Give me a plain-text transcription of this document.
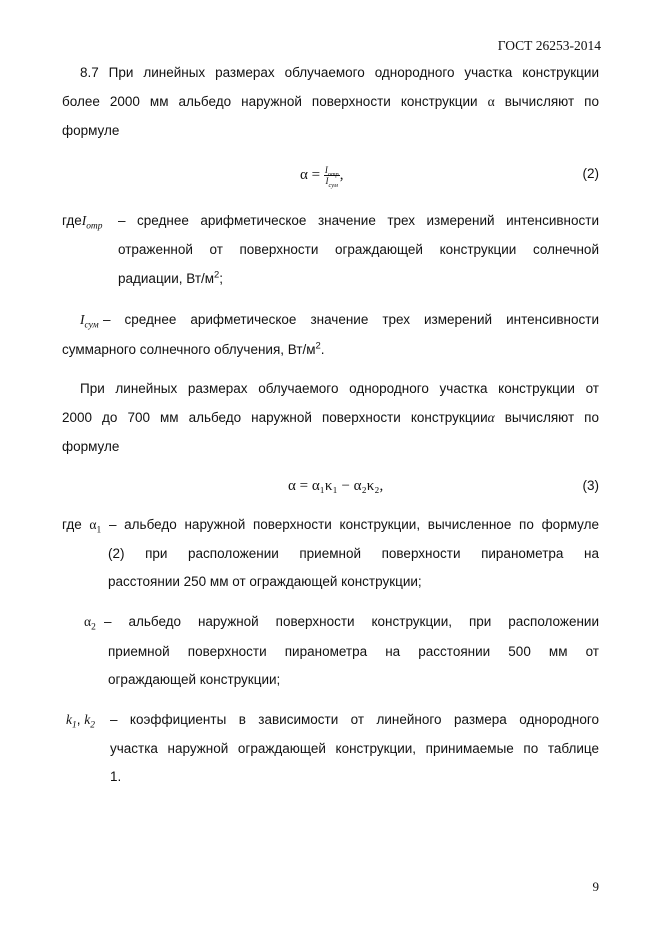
ГОСТ 26253-2014
8.7 При линейных размерах облучаемого однородного участка конструкции
более 2000 мм альбедо наружной поверхности конструкции α вычисляют по
формуле
$\alpha = \frac{I_{отр}}{I_{сум}}$ ,	(2)
гдеI$_{отр}$	– среднее арифметическое значение трех измерений интенсивности
отраженной от поверхности ограждающей конструкции солнечной
радиации, $Вт/м^2$;
$I_{сум}$ – среднее арифметическое значение трех измерений интенсивности
суммарного солнечного облучения, $Вт/м^2$.
При линейных размерах облучаемого однородного участка конструкции от
2000 до 700 мм альбедо наружной поверхности конструкцииα вычисляют по
формуле
α = α₁κ₁ − α₂κ₂,	(3)
где $\alpha_1$ – альбедо наружной поверхности конструкции, вычисленное по формуле
(2) при расположении приемной поверхности пиранометра на
расстоянии 250 мм от ограждающей конструкции;
$\alpha_2$ – альбедо наружной поверхности конструкции, при расположении
приемной поверхности пиранометра на расстоянии 500 мм от
ограждающей конструкции;
$k_1$, $k_2$	– коэффициенты в зависимости от линейного размера однородного
участка наружной ограждающей конструкции, принимаемые по таблице
1.
9
